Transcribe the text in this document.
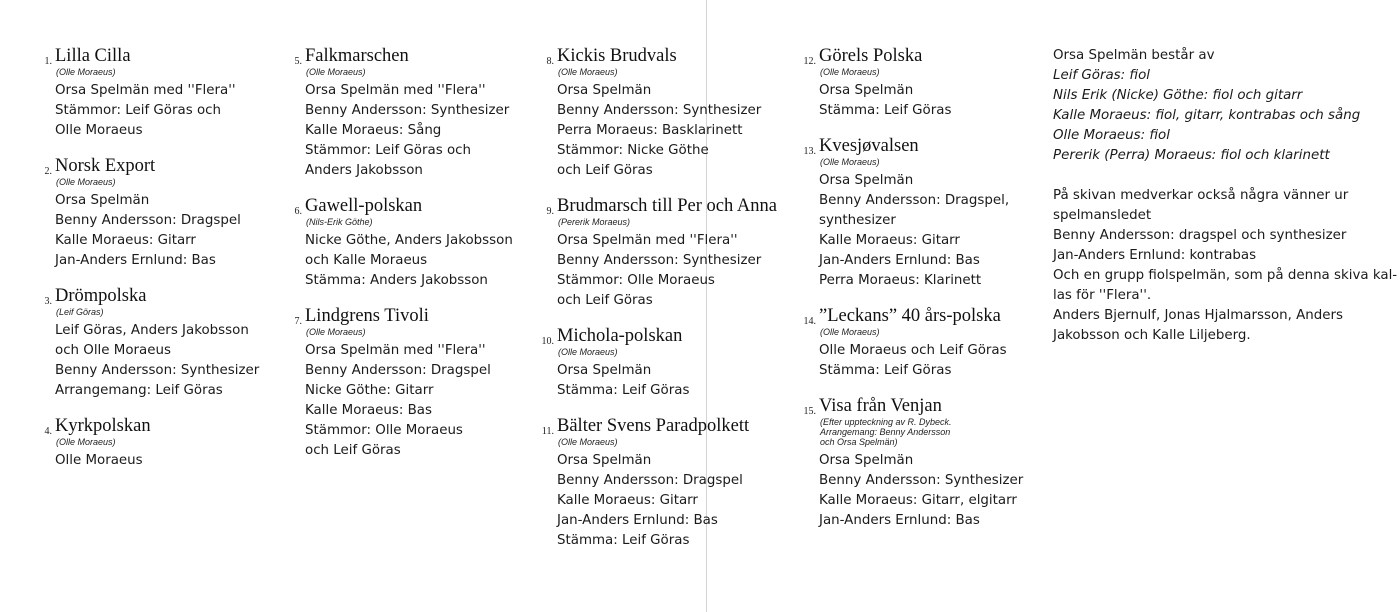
1. Lilla Cilla
(Olle Moraeus)
Orsa Spelmän med ''Flera''
Stämmor: Leif Göras och
Olle Moraeus
2. Norsk Export
(Olle Moraeus)
Orsa Spelmän
Benny Andersson: Dragspel
Kalle Moraeus: Gitarr
Jan-Anders Ernlund: Bas
3. Drömpolska
(Leif Göras)
Leif Göras, Anders Jakobsson
och Olle Moraeus
Benny Andersson: Synthesizer
Arrangemang: Leif Göras
4. Kyrkpolskan
(Olle Moraeus)
Olle Moraeus
5. Falkmarschen
(Olle Moraeus)
Orsa Spelmän med ''Flera''
Benny Andersson: Synthesizer
Kalle Moraeus: Sång
Stämmor: Leif Göras och
Anders Jakobsson
6. Gawell-polskan
(Nils-Erik Göthe)
Nicke Göthe, Anders Jakobsson
och Kalle Moraeus
Stämma: Anders Jakobsson
7. Lindgrens Tivoli
(Olle Moraeus)
Orsa Spelmän med ''Flera''
Benny Andersson: Dragspel
Nicke Göthe: Gitarr
Kalle Moraeus: Bas
Stämmor: Olle Moraeus
och Leif Göras
8. Kickis Brudvals
(Olle Moraeus)
Orsa Spelmän
Benny Andersson: Synthesizer
Perra Moraeus: Basklarinett
Stämmor: Nicke Göthe
och Leif Göras
9. Brudmarsch till Per och Anna
(Pererik Moraeus)
Orsa Spelmän med ''Flera''
Benny Andersson: Synthesizer
Stämmor: Olle Moraeus
och Leif Göras
10. Michola-polskan
(Olle Moraeus)
Orsa Spelmän
Stämma: Leif Göras
11. Bälter Svens Paradpolkett
(Olle Moraeus)
Orsa Spelmän
Benny Andersson: Dragspel
Kalle Moraeus: Gitarr
Jan-Anders Ernlund: Bas
Stämma: Leif Göras
12. Görels Polska
(Olle Moraeus)
Orsa Spelmän
Stämma: Leif Göras
13. Kvesjøvalsen
(Olle Moraeus)
Orsa Spelmän
Benny Andersson: Dragspel,
synthesizer
Kalle Moraeus: Gitarr
Jan-Anders Ernlund: Bas
Perra Moraeus: Klarinett
14. ”Leckans” 40 års-polska
(Olle Moraeus)
Olle Moraeus och Leif Göras
Stämma: Leif Göras
15. Visa från Venjan
(Efter uppteckning av R. Dybeck.
Arrangemang: Benny Andersson
och Orsa Spelmän)
Orsa Spelmän
Benny Andersson: Synthesizer
Kalle Moraeus: Gitarr, elgitarr
Jan-Anders Ernlund: Bas
Orsa Spelmän består av
Leif Göras: fiol
Nils Erik (Nicke) Göthe: fiol och gitarr
Kalle Moraeus: fiol, gitarr, kontrabas och sång
Olle Moraeus: fiol
Pererik (Perra) Moraeus: fiol och klarinett
På skivan medverkar också några vänner ur
spelmansledet
Benny Andersson: dragspel och synthesizer
Jan-Anders Ernlund: kontrabas
Och en grupp fiolspelmän, som på denna skiva kal-
las för ''Flera''.
Anders Bjernulf, Jonas Hjalmarsson, Anders
Jakobsson och Kalle Liljeberg.
